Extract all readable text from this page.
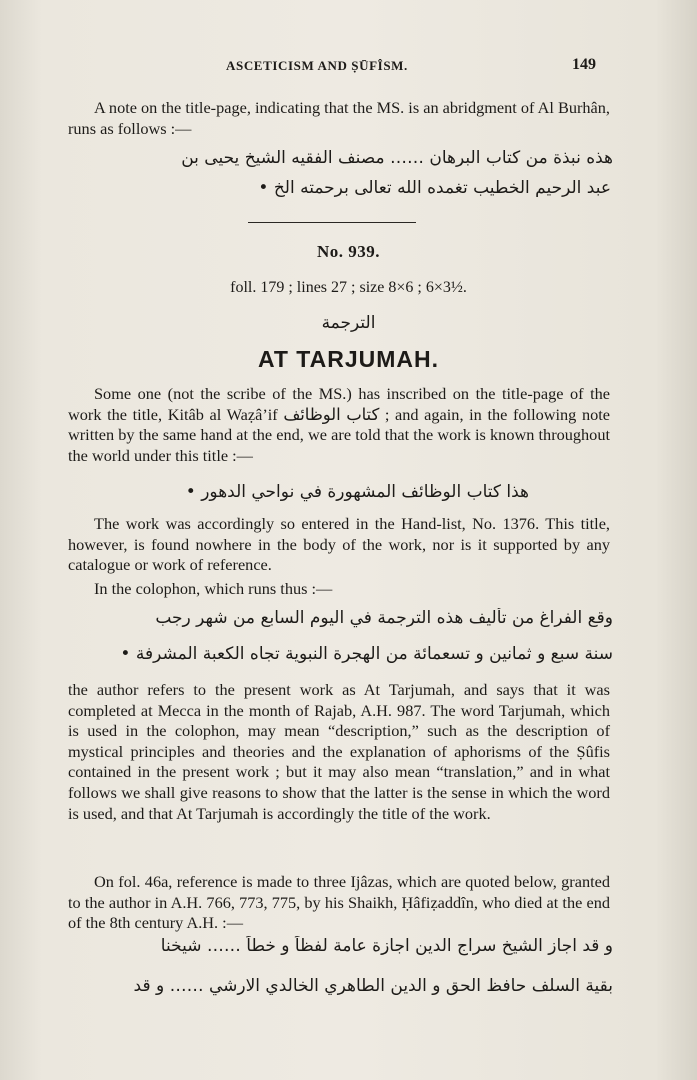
ASCETICISM AND ṢŪFÎSM.	149
A note on the title-page, indicating that the MS. is an abridgment of Al Burhân, runs as follows :—
هذه نبذة من كتاب البرهان …… مصنف الفقيه الشيخ يحيى بن
عبد الرحيم الخطيب تغمده الله تعالى برحمته الخ •
No. 939.
foll. 179 ; lines 27 ; size 8×6 ; 6×3½.
الترجمة
AT TARJUMAH.
Some one (not the scribe of the MS.) has inscribed on the title-page of the work the title, Kitâb al Waẓâ’if كتاب الوظائف ; and again, in the following note written by the same hand at the end, we are told that the work is known throughout the world under this title :—
هذا كتاب الوظائف المشهورة في نواحي الدهور •
The work was accordingly so entered in the Hand-list, No. 1376. This title, however, is found nowhere in the body of the work, nor is it supported by any catalogue or work of reference.
In the colophon, which runs thus :—
وقع الفراغ من تأليف هذه الترجمة في اليوم السابع من شهر رجب
سنة سبع و ثمانين و تسعمائة من الهجرة النبوية تجاه الكعبة المشرفة •
the author refers to the present work as At Tarjumah, and says that it was completed at Mecca in the month of Rajab, A.H. 987. The word Tarjumah, which is used in the colophon, may mean “description,” such as the description of mystical principles and theories and the explanation of aphorisms of the Ṣûfis contained in the present work ; but it may also mean “translation,” and in what follows we shall give reasons to show that the latter is the sense in which the word is used, and that At Tarjumah is accordingly the title of the work.
On fol. 46a, reference is made to three Ijâzas, which are quoted below, granted to the author in A.H. 766, 773, 775, by his Shaikh, Ḥâfiẓaddîn, who died at the end of the 8th century A.H. :—
و قد اجاز الشيخ سراج الدين اجازة عامة لفظاً و خطاً …… شيخنا
بقية السلف حافظ الحق و الدين الطاهري الخالدي الارشي …… و قد
